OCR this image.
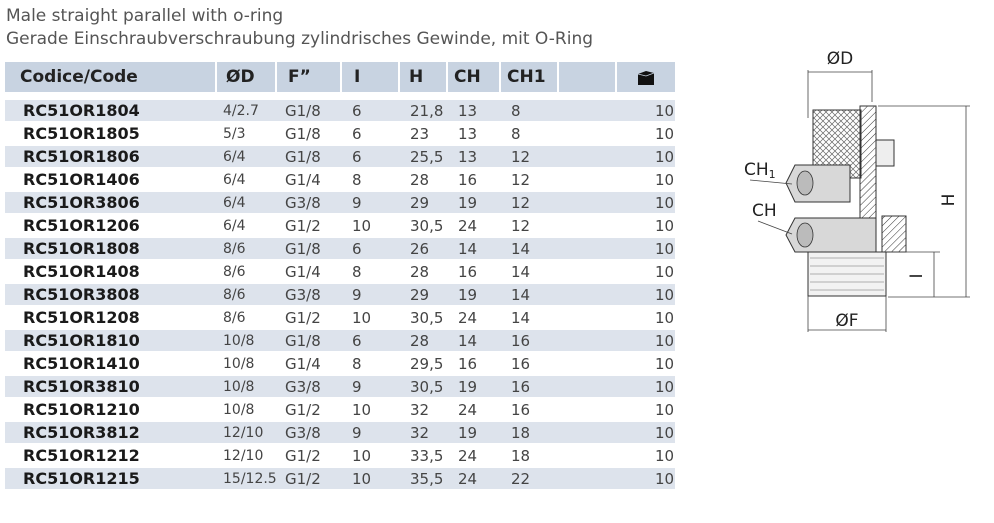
Male straight parallel with o-ring
Gerade Einschraubverschraubung zylindrisches Gewinde, mit O-Ring
Codice/Code	ØD	F”	I	H	CH	CH1		

RC51OR1804	4/2.7	G1/8	6	21,8	13	8		10
RC51OR1805	5/3	G1/8	6	23	13	8		10
RC51OR1806	6/4	G1/8	6	25,5	13	12		10
RC51OR1406	6/4	G1/4	8	28	16	12		10
RC51OR3806	6/4	G3/8	9	29	19	12		10
RC51OR1206	6/4	G1/2	10	30,5	24	12		10
RC51OR1808	8/6	G1/8	6	26	14	14		10
RC51OR1408	8/6	G1/4	8	28	16	14		10
RC51OR3808	8/6	G3/8	9	29	19	14		10
RC51OR1208	8/6	G1/2	10	30,5	24	14		10
RC51OR1810	10/8	G1/8	6	28	14	16		10
RC51OR1410	10/8	G1/4	8	29,5	16	16		10
RC51OR3810	10/8	G3/8	9	30,5	19	16		10
RC51OR1210	10/8	G1/2	10	32	24	16		10
RC51OR3812	12/10	G3/8	9	32	19	18		10
RC51OR1212	12/10	G1/2	10	33,5	24	18		10
RC51OR1215	15/12.5	G1/2	10	35,5	24	22		10
ØD
CH1
CH
H
I
ØF
